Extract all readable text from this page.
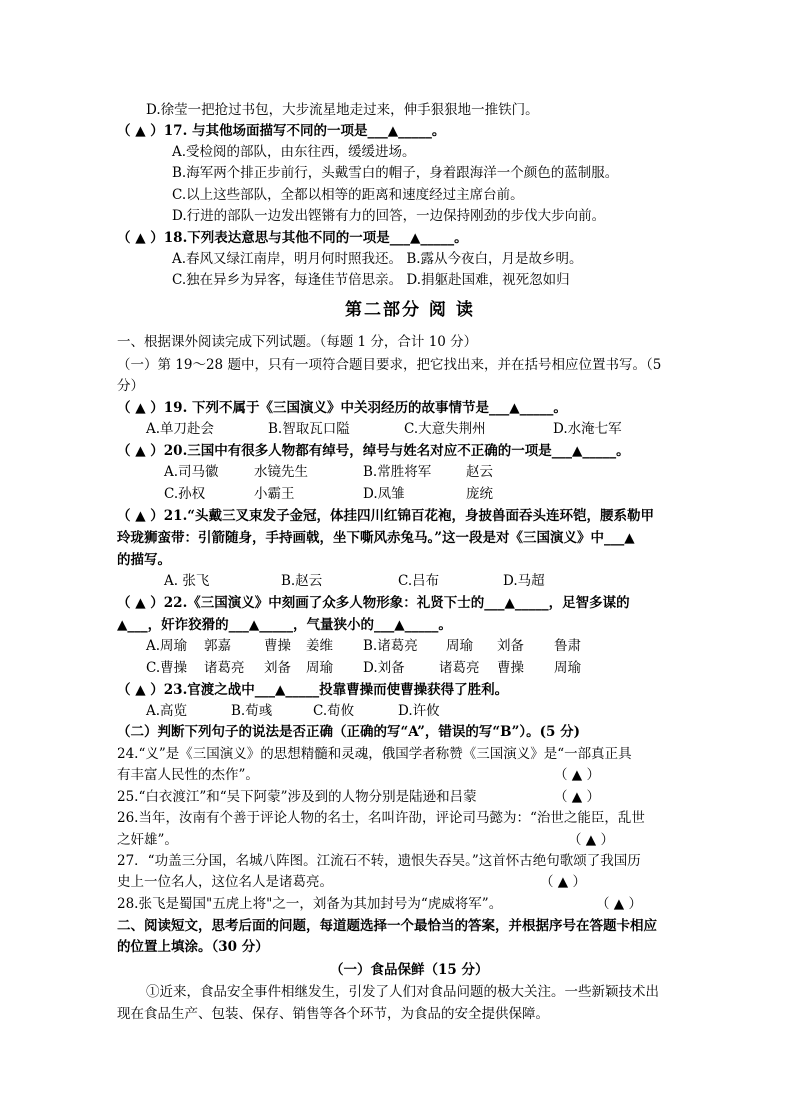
D.徐莹一把抢过书包，大步流星地走过来，伸手狠狠地一推铁门。
（ ▲ ）17. 与其他场面描写不同的一项是___▲_____。
A.受检阅的部队，由东往西，缓缓进场。
B.海军两个排正步前行，头戴雪白的帽子，身着跟海洋一个颜色的蓝制服。
C.以上这些部队，全都以相等的距离和速度经过主席台前。
D.行进的部队一边发出铿锵有力的回答，一边保持刚劲的步伐大步向前。
（ ▲ ）18.下列表达意思与其他不同的一项是___▲_____。
A.春风又绿江南岸，明月何时照我还。 B.露从今夜白，月是故乡明。
C.独在异乡为异客，每逢佳节倍思亲。 D.捐躯赴国难，视死忽如归
第二部分 阅 读
一、根据课外阅读完成下列试题。（每题 1 分，合计 10 分）
（一）第 19～28 题中，只有一项符合题目要求，把它找出来，并在括号相应位置书写。（5
分）
（ ▲ ）19. 下列不属于《三国演义》中关羽经历的故事情节是___▲_____。
A.单刀赴会	B.智取瓦口隘	C.大意失荆州	D.水淹七军
（ ▲ ）20.三国中有很多人物都有绰号，绰号与姓名对应不正确的一项是___▲_____。
A.司马徽	水镜先生	B.常胜将军	赵云
C.孙权	小霸王	D.凤雏	庞统
（ ▲ ）21.“头戴三叉束发子金冠，体挂四川红锦百花袍，身披兽面吞头连环铠，腰系勒甲
玲珑狮蛮带：引箭随身，手持画戟，坐下嘶风赤兔马。”这一段是对《三国演义》中___▲
的描写。
A. 张飞	B.赵云	C.吕布	D.马超
（ ▲ ）22.《三国演义》中刻画了众多人物形象：礼贤下士的___▲_____，足智多谋的
▲___，奸诈狡猾的___▲_____，气量狭小的___▲_____。
A.周瑜 郭嘉 曹操 姜维 B.诸葛亮 周瑜 刘备 鲁肃
C.曹操 诸葛亮 刘备 周瑜 D.刘备	诸葛亮 曹操 周瑜
（ ▲ ）23.官渡之战中___▲_____投靠曹操而使曹操获得了胜利。
A.高览	B.荀彧	C.荀攸	D.许攸
（二）判断下列句子的说法是否正确（正确的写“A”，错误的写“B”）。(5 分)
24.“义”是《三国演义》的思想精髓和灵魂，俄国学者称赞《三国演义》是“一部真正具
有丰富人民性的杰作”。	（ ▲ ）
25.“白衣渡江”和“吴下阿蒙”涉及到的人物分别是陆逊和吕蒙	（ ▲ ）
26.当年，汝南有个善于评论人物的名士，名叫许劭，评论司马懿为：“治世之能臣，乱世
之奸雄”。	（ ▲ ）
27．“功盖三分国，名城八阵图。江流石不转，遗恨失吞吴。”这首怀古绝句歌颂了我国历
史上一位名人，这位名人是诸葛亮。	（ ▲ ）
28.张飞是蜀国"五虎上将"之一，刘备为其加封号为“虎威将军”。	（ ▲ ）
二、阅读短文，思考后面的问题，每道题选择一个最恰当的答案，并根据序号在答题卡相应
的位置上填涂。（30 分）
（一）食品保鲜（15 分）
①近来，食品安全事件相继发生，引发了人们对食品问题的极大关注。一些新颖技术出
现在食品生产、包装、保存、销售等各个环节，为食品的安全提供保障。
